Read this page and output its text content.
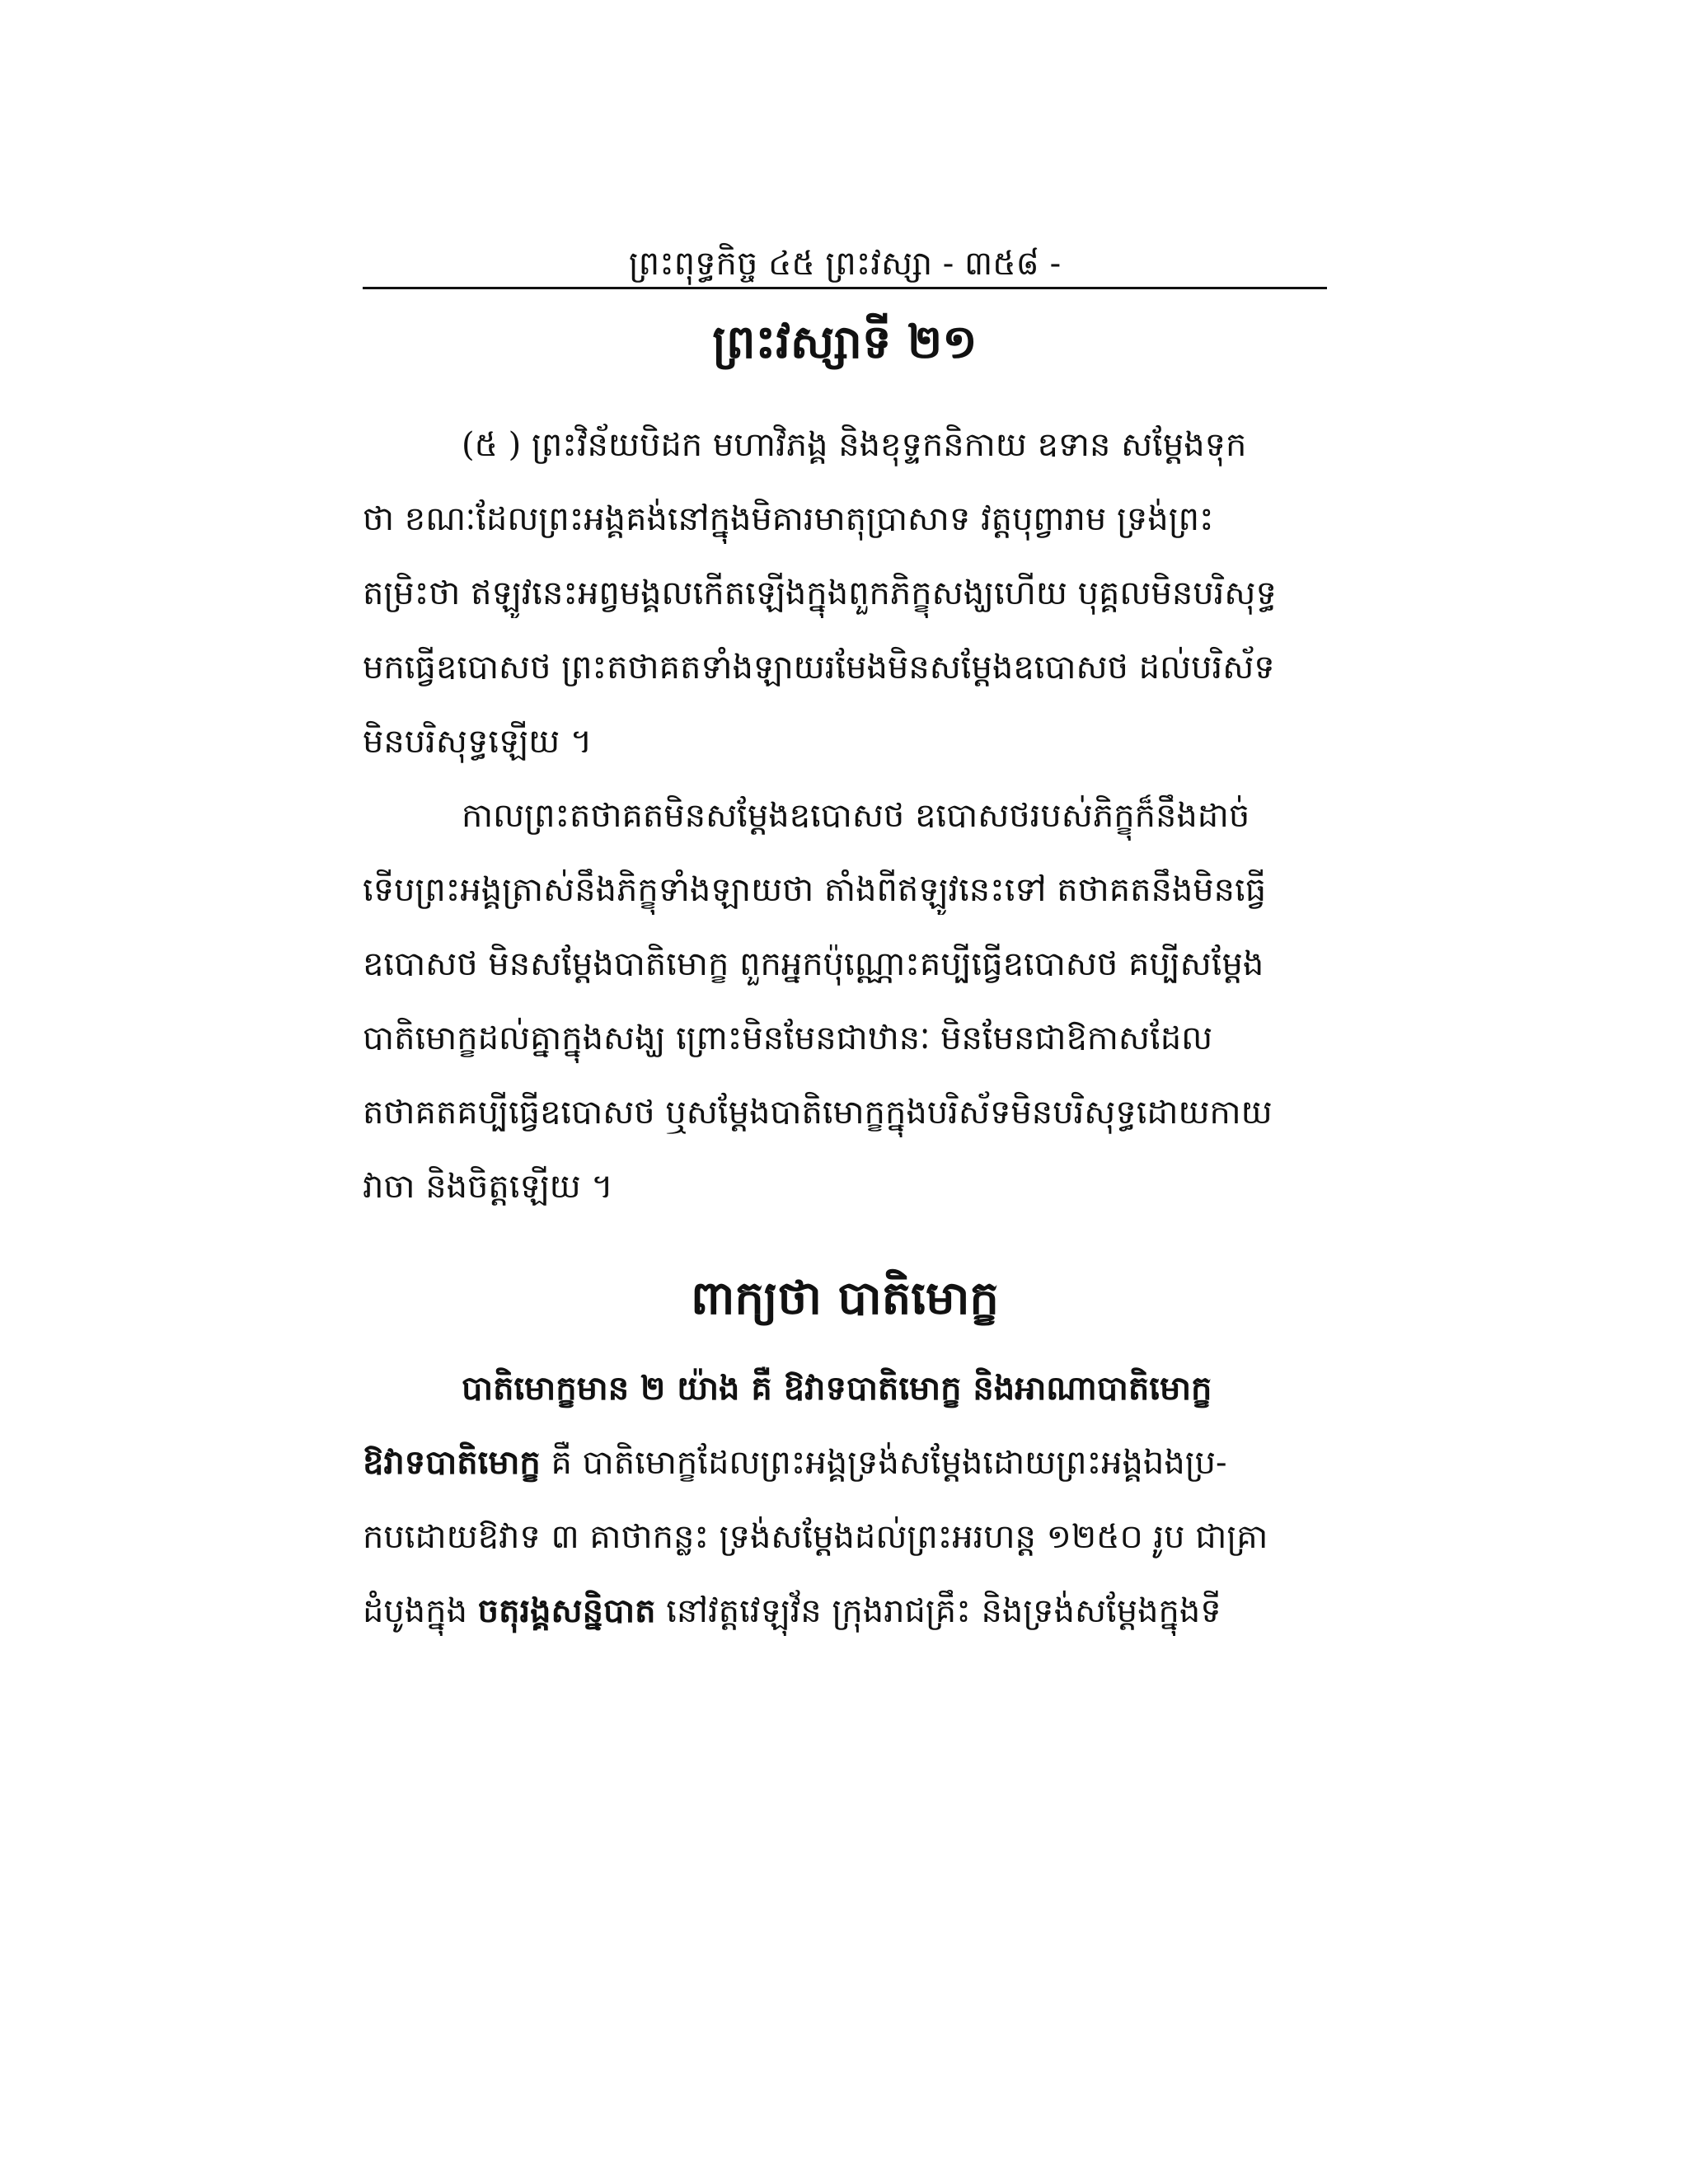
ព្រះពុទ្ធកិច្ច ៤៥ ព្រះវស្សា - ៣៥៨ -
ព្រះវស្សាទី ២១
(៥ ) ព្រះវិន័យបិដក មហាវិភង្គ និងខុទ្ទកនិកាយ ឧទាន សម្ដែងទុក
ថា ខណៈដែលព្រះអង្គគង់នៅក្នុងមិគារមាតុប្រាសាទ វត្តបុព្វារាម ទ្រង់ព្រះ
តម្រិះថា ឥឡូវនេះអព្វមង្គលកើតឡើងក្នុងពួកភិក្ខុសង្ឃហើយ បុគ្គលមិនបរិសុទ្ធ
មកធ្វើឧបោសថ ព្រះតថាគតទាំងឡាយរមែងមិនសម្ដែងឧបោសថ ដល់បរិស័ទ
មិនបរិសុទ្ធឡើយ ។
កាលព្រះតថាគតមិនសម្ដែងឧបោសថ ឧបោសថរបស់ភិក្ខុក៏នឹងដាច់
ទើបព្រះអង្គត្រាស់នឹងភិក្ខុទាំងឡាយថា តាំងពីឥឡូវនេះទៅ តថាគតនឹងមិនធ្វើ
ឧបោសថ មិនសម្ដែងបាតិមោក្ខ ពួកអ្នកប៉ុណ្ណោះគប្បីធ្វើឧបោសថ គប្បីសម្ដែង
បាតិមោក្ខដល់គ្នាក្នុងសង្ឃ ព្រោះមិនមែនជាឋានៈ មិនមែនជាឱកាសដែល
តថាគតគប្បីធ្វើឧបោសថ ឬសម្ដែងបាតិមោក្ខក្នុងបរិស័ទមិនបរិសុទ្ធដោយកាយ
វាចា និងចិត្តឡើយ ។
ពាក្យថា បាតិមោក្ខ
បាតិមោក្ខមាន ២ យ៉ាង គឺ ឱវាទបាតិមោក្ខ និងអាណាបាតិមោក្ខ
ឱវាទបាតិមោក្ខ គឺ បាតិមោក្ខដែលព្រះអង្គទ្រង់សម្ដែងដោយព្រះអង្គឯងប្រ-
កបដោយឱវាទ ៣ គាថាកន្លះ ទ្រង់សម្ដែងដល់ព្រះអរហន្ត ១២៥០ រូប ជាគ្រា
ដំបូងក្នុង ចតុរង្គសន្និបាត នៅវត្តវេឡុវ័ន ក្រុងរាជគ្រឹះ និងទ្រង់សម្ដែងក្នុងទី
